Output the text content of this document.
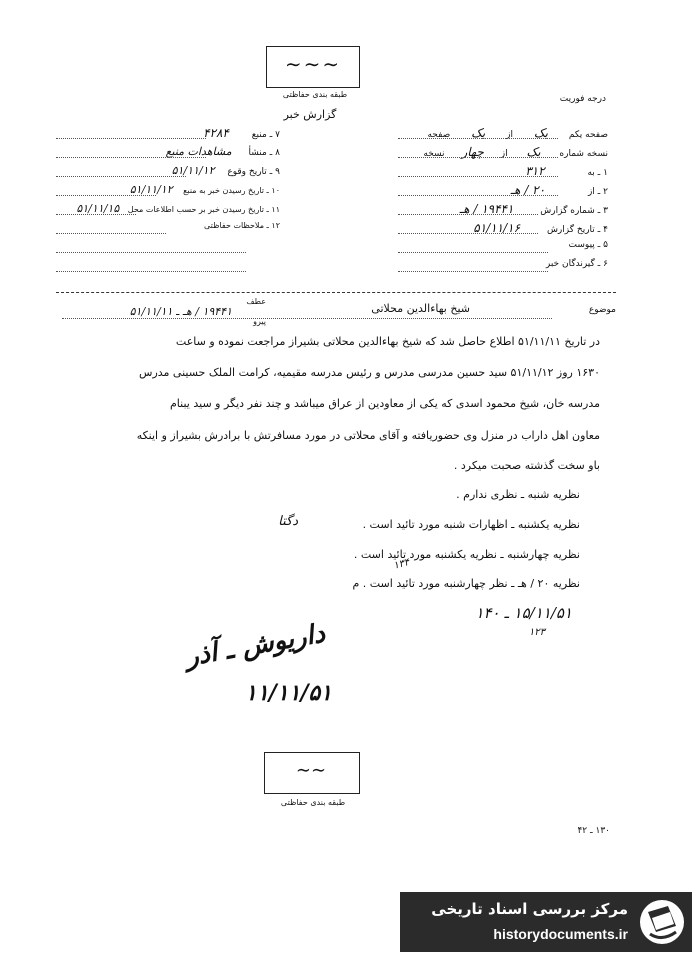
∼∼∼
طبقه بندی حفاظتی	درجه فوریت
گزارش خبر
صفحه یکم یک از یک صفحه
نسخه شماره یک از چهار نسخه
۱ ـ به ۳۱۲
۲ ـ از ۲۰ / هـ
۳ ـ شماره گزارش ۱۹۴۴۱ / هـ
۴ ـ تاریخ گزارش ۵۱/۱۱/۱۶
۵ ـ پیوست
۶ ـ گیرندگان خبر
۷ ـ منبع ۴۲۸۴
۸ ـ منشأ مشاهدات منبع
۹ ـ تاریخ وقوع ۵۱/۱۱/۱۲
۱۰ ـ تاریخ رسیدن خبر به منبع ۵۱/۱۱/۱۲
۱۱ ـ تاریخ رسیدن خبر بر حسب اطلاعات محل ۵۱/۱۱/۱۵
۱۲ ـ ملاحظات حفاظتی
موضوع
شیخ بهاءالدین محلاتی
عطف
پیرو
۱۹۴۴۱ / هـ ـ ۵۱/۱۱/۱۱
در تاریخ ۵۱/۱۱/۱۱ اطلاع حاصل شد که شیخ بهاءالدین محلاتی بشیراز مراجعت نموده و ساعت
۱۶۳۰ روز ۵۱/۱۱/۱۲ سید حسین مدرسی مدرس و رئیس مدرسه مقیمیه، کرامت الملک حسینی مدرس
مدرسه خان، شیخ محمود اسدی که یکی از معاودین از عراق میباشد و چند نفر دیگر و سید یبنام
معاون اهل داراب در منزل وی حضوریافته و آقای محلاتی در مورد مسافرتش با برادرش بشیراز و اینکه
باو سخت گذشته صحبت میکرد .
نظریه شنبه ـ نظری ندارم .
نظریه یکشنبه ـ اظهارات شنبه مورد تائید است .
نظریه چهارشنبه ـ نظریه یکشنبه مورد تائید است .
نظریه ۲۰ / هـ ـ نظر چهارشنبه مورد تائید است . م
دگتا
۱۳۴
۱۵/۱۱/۵۱ ـ ۱۴۰
۱۲۳
داریوش ـ آذر
۱۱/۱۱/۵۱
∼∼
طبقه بندی حفاظتی
۱۳۰ ـ ۴۲
مرکز بررسی اسناد تاریخی
historydocuments.ir
